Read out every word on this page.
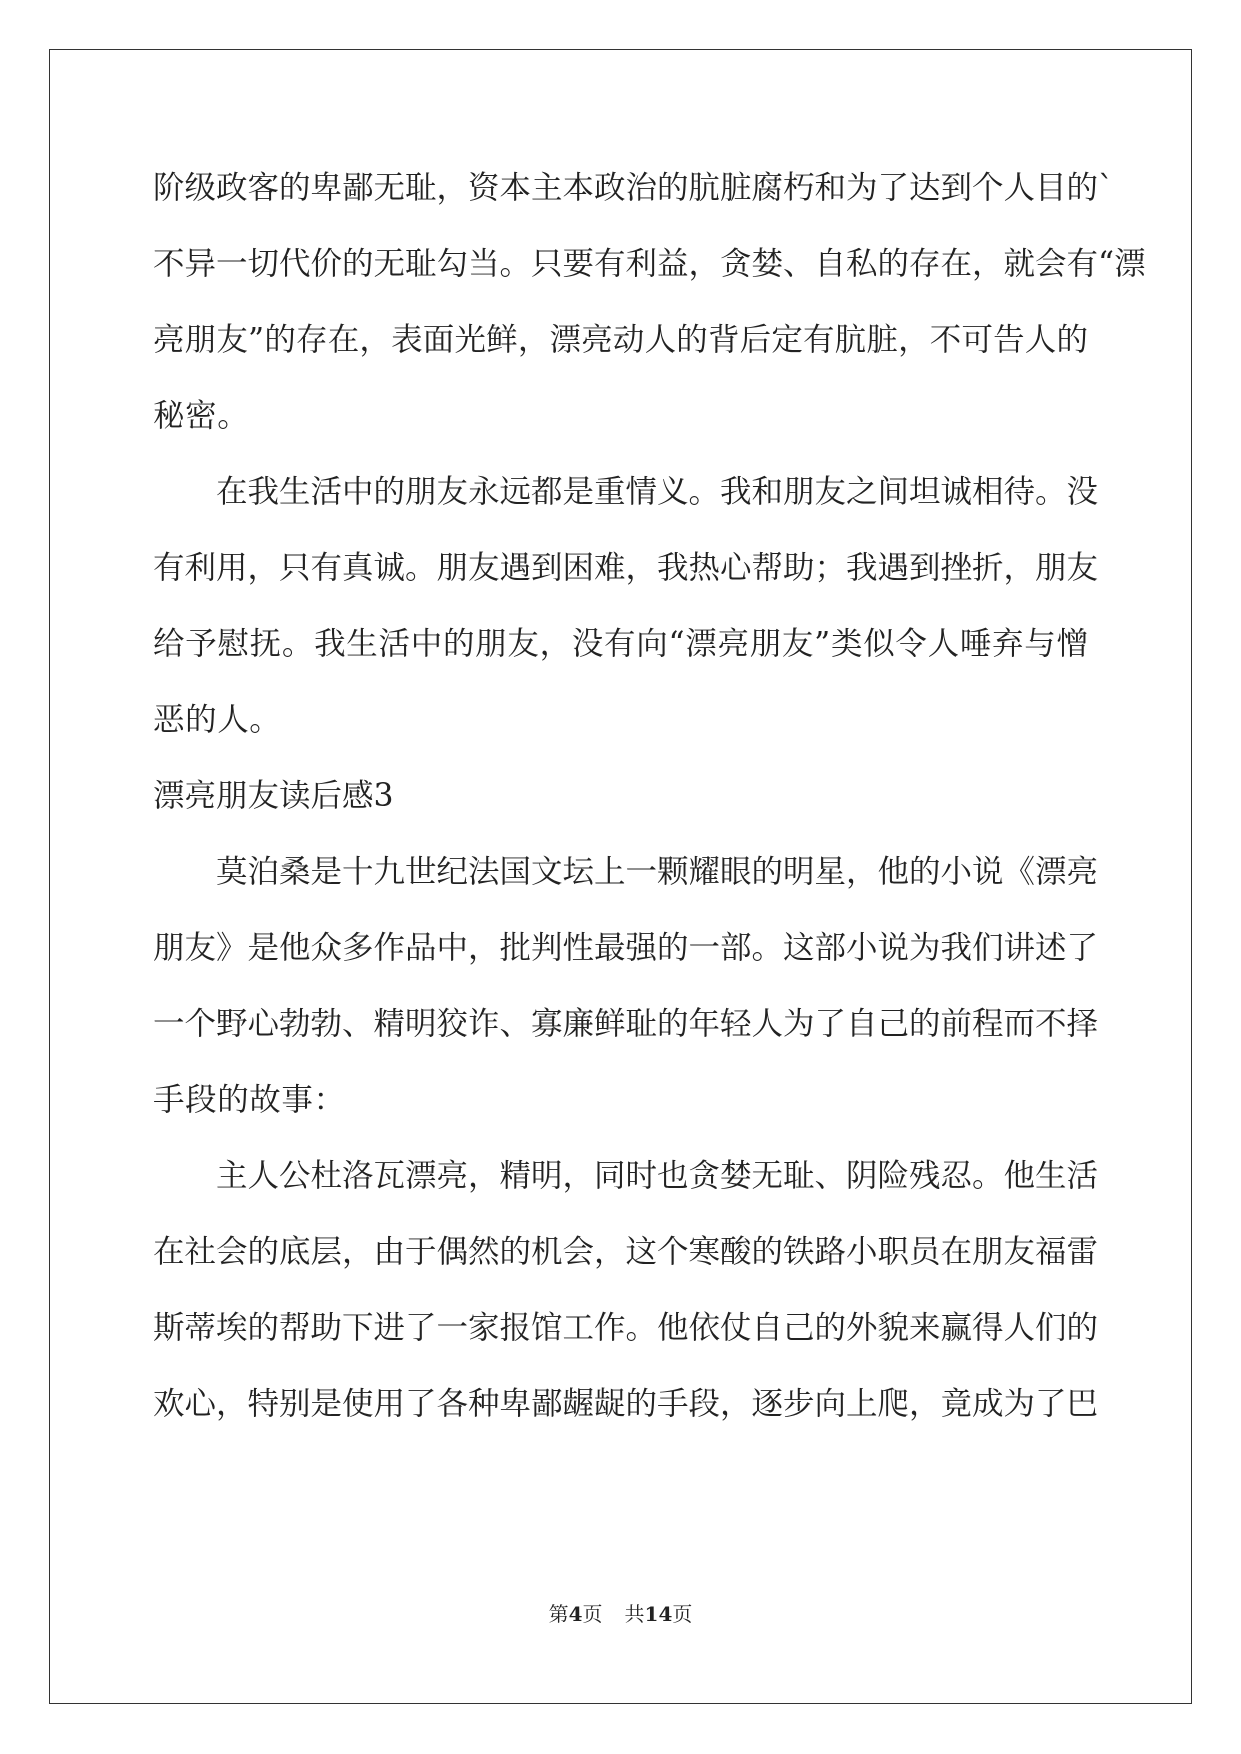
阶级政客的卑鄙无耻，资本主本政治的肮脏腐朽和为了达到个人目的`
不异一切代价的无耻勾当。只要有利益，贪婪、自私的存在，就会有“漂
亮朋友”的存在，表面光鲜，漂亮动人的背后定有肮脏，不可告人的
秘密。
在我生活中的朋友永远都是重情义。我和朋友之间坦诚相待。没
有利用，只有真诚。朋友遇到困难，我热心帮助；我遇到挫折，朋友
给予慰抚。我生活中的朋友，没有向“漂亮朋友”类似令人唾弃与憎
恶的人。
漂亮朋友读后感3
莫泊桑是十九世纪法国文坛上一颗耀眼的明星，他的小说《漂亮
朋友》是他众多作品中，批判性最强的一部。这部小说为我们讲述了
一个野心勃勃、精明狡诈、寡廉鲜耻的年轻人为了自己的前程而不择
手段的故事：
主人公杜洛瓦漂亮，精明，同时也贪婪无耻、阴险残忍。他生活
在社会的底层，由于偶然的机会，这个寒酸的铁路小职员在朋友福雷
斯蒂埃的帮助下进了一家报馆工作。他依仗自己的外貌来赢得人们的
欢心，特别是使用了各种卑鄙龌龊的手段，逐步向上爬，竟成为了巴
第4页 共14页
